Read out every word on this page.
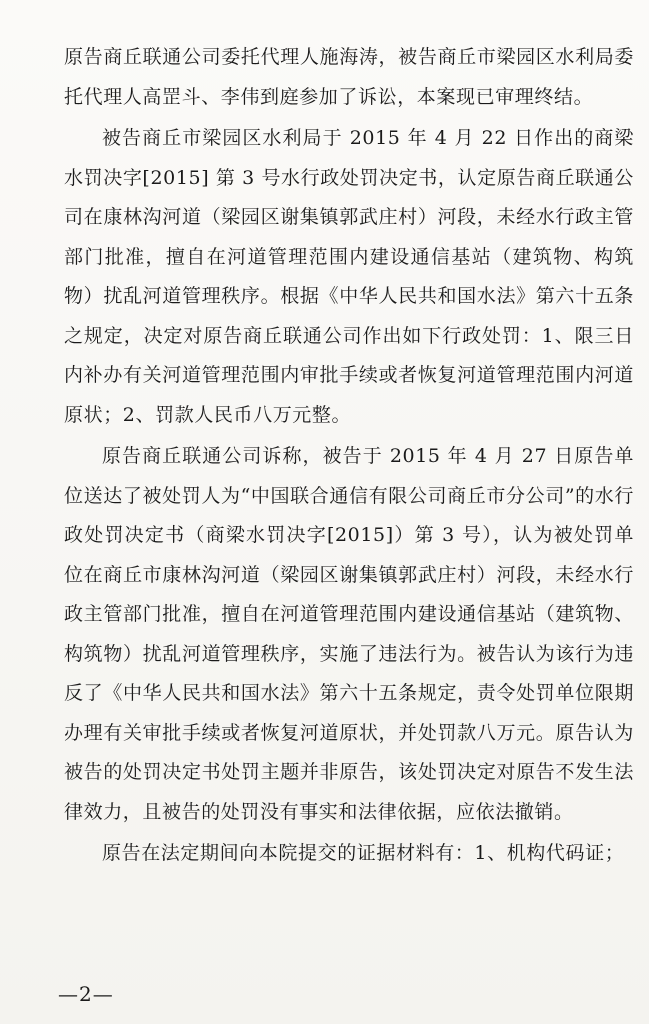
原告商丘联通公司委托代理人施海涛，被告商丘市梁园区水利局委托代理人高罡斗、李伟到庭参加了诉讼，本案现已审理终结。

被告商丘市梁园区水利局于 2015 年 4 月 22 日作出的商梁水罚决字[2015] 第 3 号水行政处罚决定书，认定原告商丘联通公司在康林沟河道（梁园区谢集镇郭武庄村）河段，未经水行政主管部门批准，擅自在河道管理范围内建设通信基站（建筑物、构筑物）扰乱河道管理秩序。根据《中华人民共和国水法》第六十五条之规定，决定对原告商丘联通公司作出如下行政处罚：1、限三日内补办有关河道管理范围内审批手续或者恢复河道管理范围内河道原状；2、罚款人民币八万元整。

原告商丘联通公司诉称，被告于 2015 年 4 月 27 日原告单位送达了被处罚人为“中国联合通信有限公司商丘市分公司”的水行政处罚决定书（商梁水罚决字[2015]）第 3 号），认为被处罚单位在商丘市康林沟河道（梁园区谢集镇郭武庄村）河段，未经水行政主管部门批准，擅自在河道管理范围内建设通信基站（建筑物、构筑物）扰乱河道管理秩序，实施了违法行为。被告认为该行为违反了《中华人民共和国水法》第六十五条规定，责令处罚单位限期办理有关审批手续或者恢复河道原状，并处罚款八万元。原告认为被告的处罚决定书处罚主题并非原告，该处罚决定对原告不发生法律效力，且被告的处罚没有事实和法律依据，应依法撤销。

原告在法定期间向本院提交的证据材料有：1、机构代码证；

—2—
